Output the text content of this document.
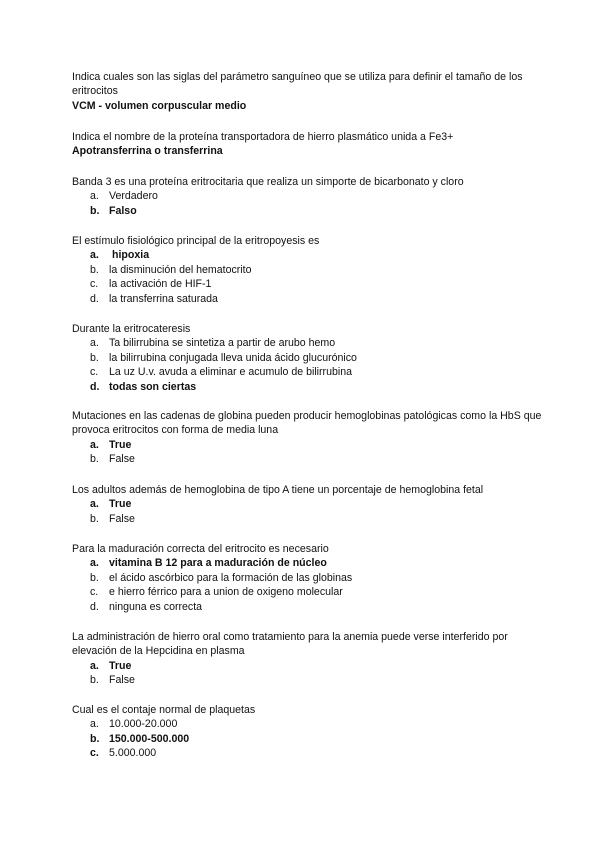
Indica cuales son las siglas del parámetro sanguíneo que se utiliza para definir el tamaño de los eritrocitos

VCM - volumen corpuscular medio

Indica el nombre de la proteína transportadora de hierro plasmático unida a Fe3+

Apotransferrina o transferrina

Banda 3 es una proteína eritrocitaria que realiza un simporte de bicarbonato y cloro

a. Verdadero
b. Falso

El estímulo fisiológico principal de la eritropoyesis es

a.	hipoxia
b. la disminución del hematocrito
c.	la activación de HIF-1
d. la transferrina saturada

Durante la eritrocateresis

a. Ta bilirrubina se sintetiza a partir de arubo hemo
b. la bilirrubina conjugada lleva unida ácido glucurónico
c.	La uz U.v. avuda a eliminar e acumulo de bilirrubina
d. todas son ciertas

Mutaciones en las cadenas de globina pueden producir hemoglobinas patológicas como la HbS que provoca eritrocitos con forma de media luna

a. True
b. False

Los adultos además de hemoglobina de tipo A tiene un porcentaje de hemoglobina fetal

a. True
b. False

Para la maduración correcta del eritrocito es necesario

a. vitamina B 12 para a maduración de núcleo
b. el ácido ascórbico para la formación de las globinas
c.	e hierro férrico para a union de oxigeno molecular
d. ninguna es correcta

La administración de hierro oral como tratamiento para la anemia puede verse interferido por elevación de la Hepcidina en plasma

a. True
b. False

Cual es el contaje normal de plaquetas

a. 10.000-20.000
b. 150.000-500.000
c. 5.000.000
